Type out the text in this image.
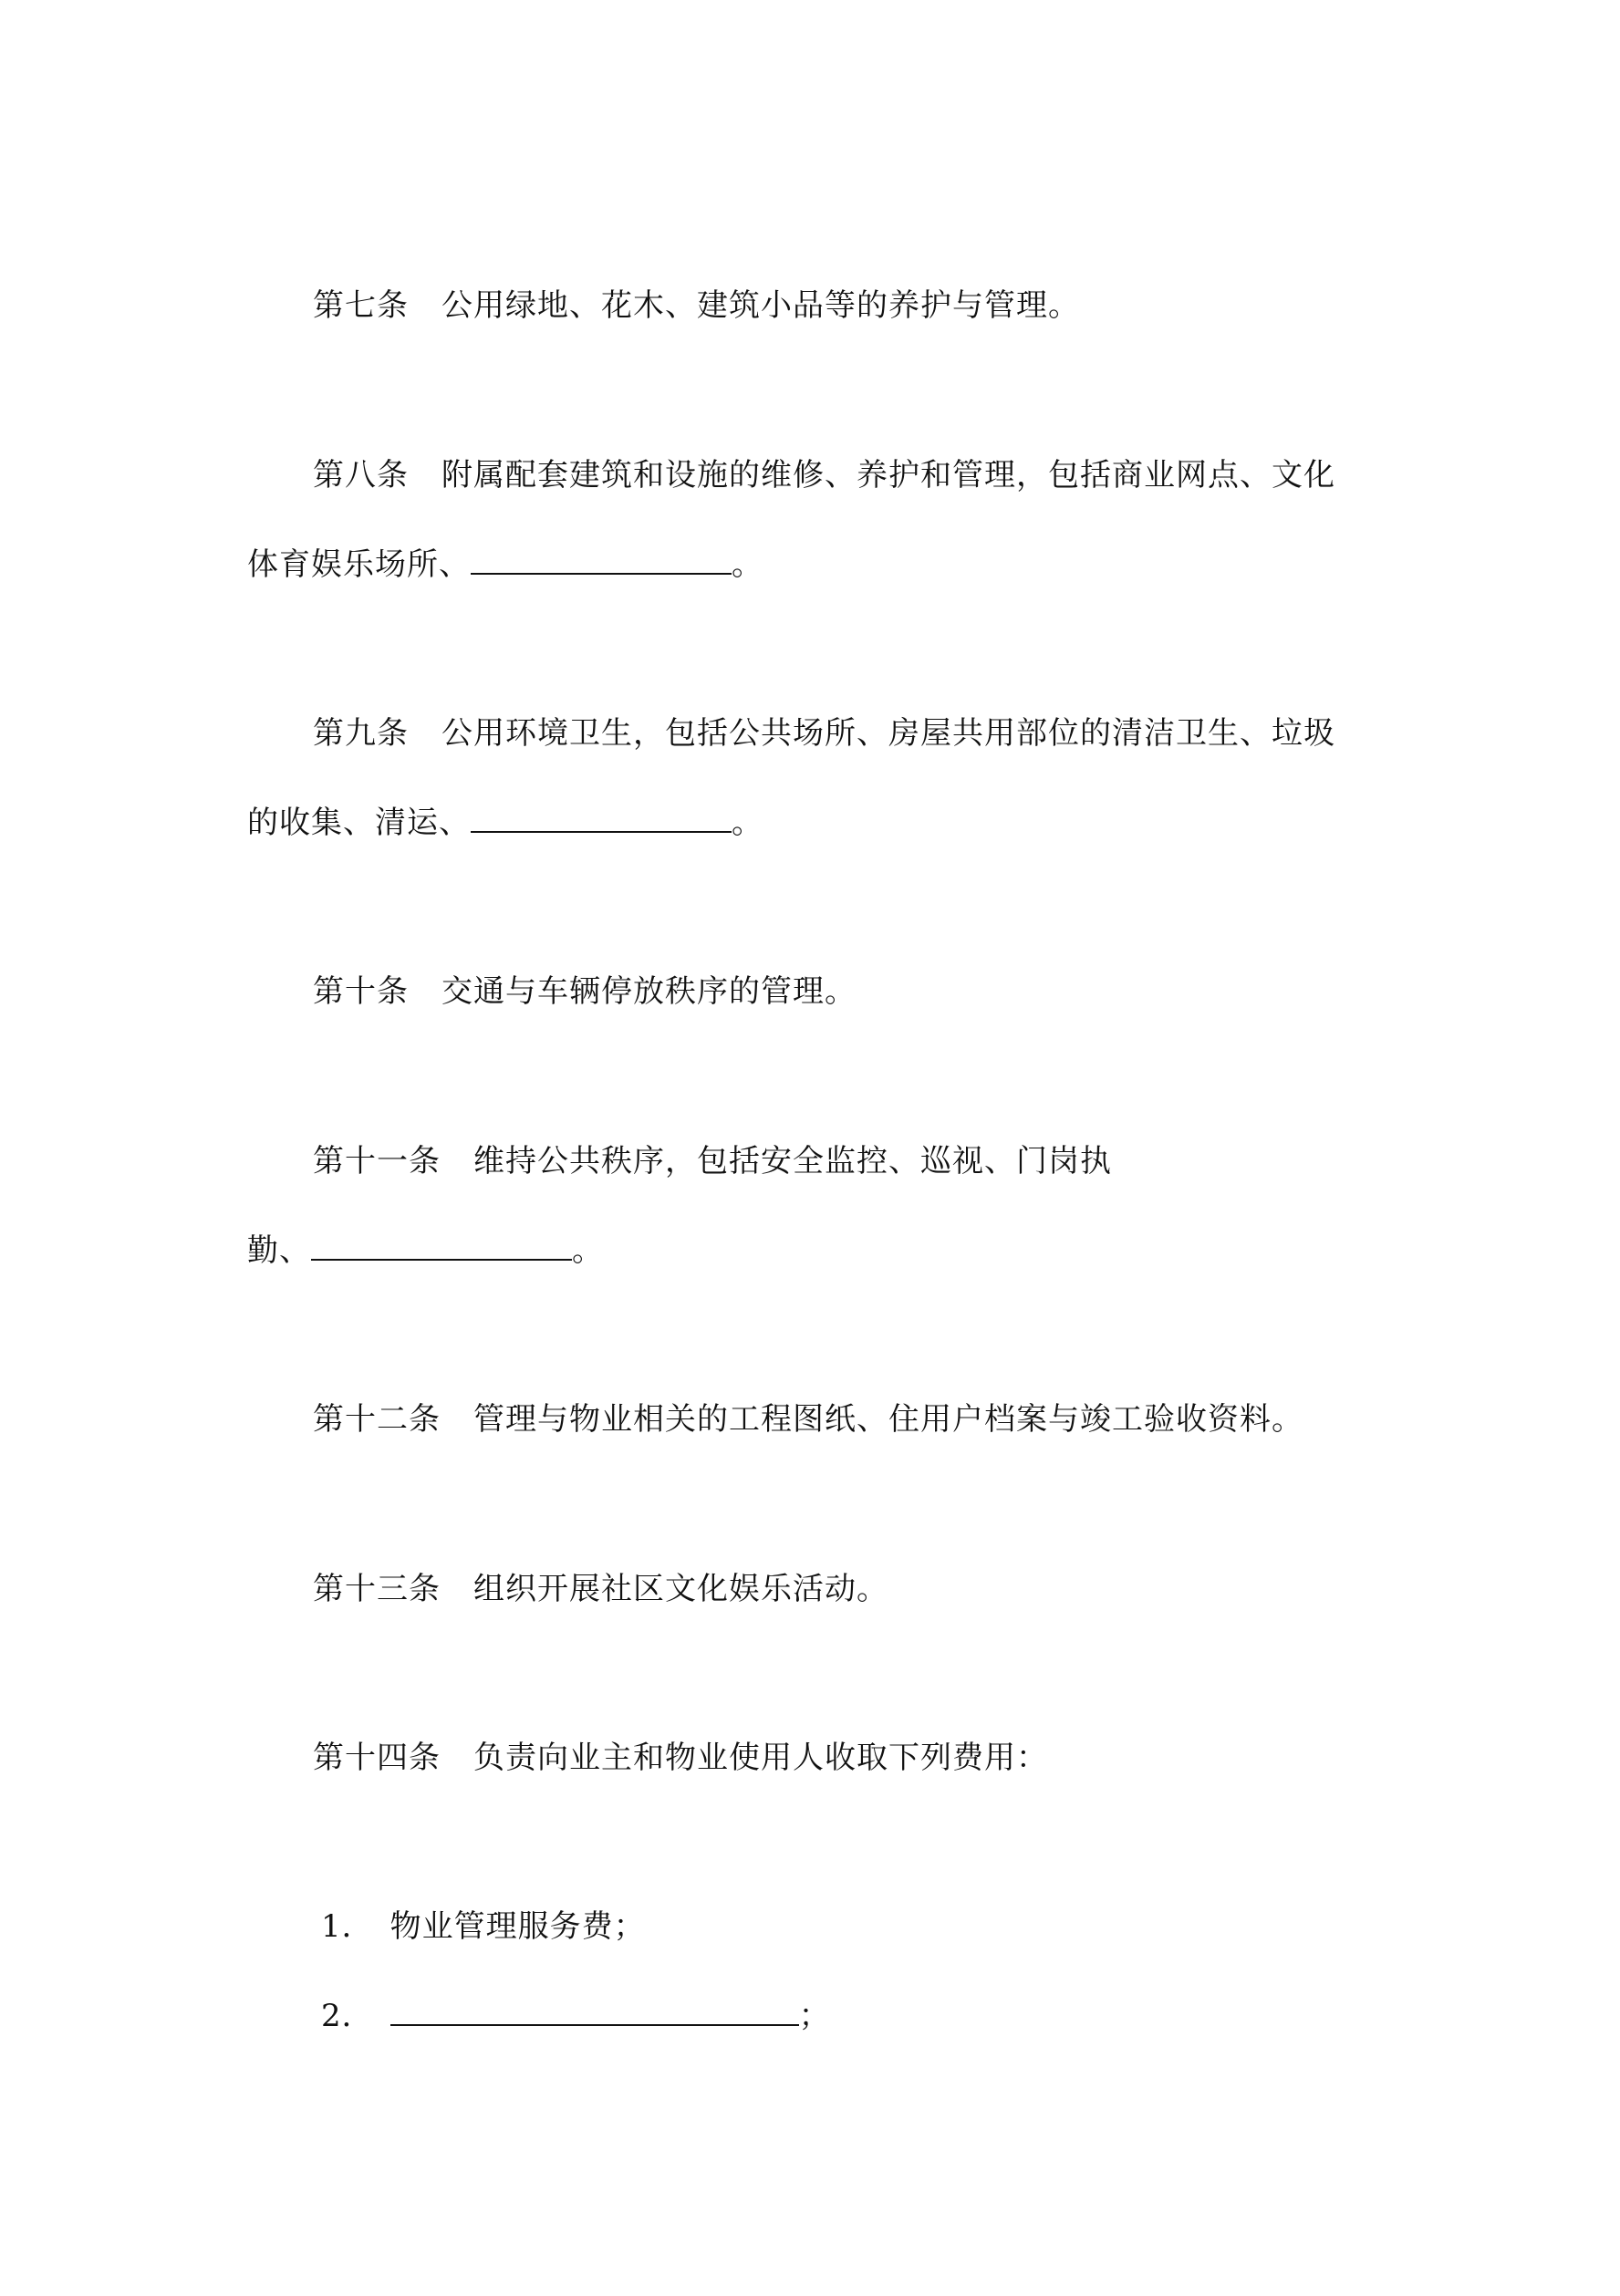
第七条 公用绿地、花木、建筑小品等的养护与管理。
第八条 附属配套建筑和设施的维修、养护和管理，包括商业网点、文化
体育娱乐场所、	。
第九条 公用环境卫生，包括公共场所、房屋共用部位的清洁卫生、垃圾
的收集、清运、	。
第十条 交通与车辆停放秩序的管理。
第十一条 维持公共秩序，包括安全监控、巡视、门岗执
勤、	。
第十二条 管理与物业相关的工程图纸、住用户档案与竣工验收资料。
第十三条 组织开展社区文化娱乐活动。
第十四条 负责向业主和物业使用人收取下列费用：
1． 物业管理服务费；
2．	；
